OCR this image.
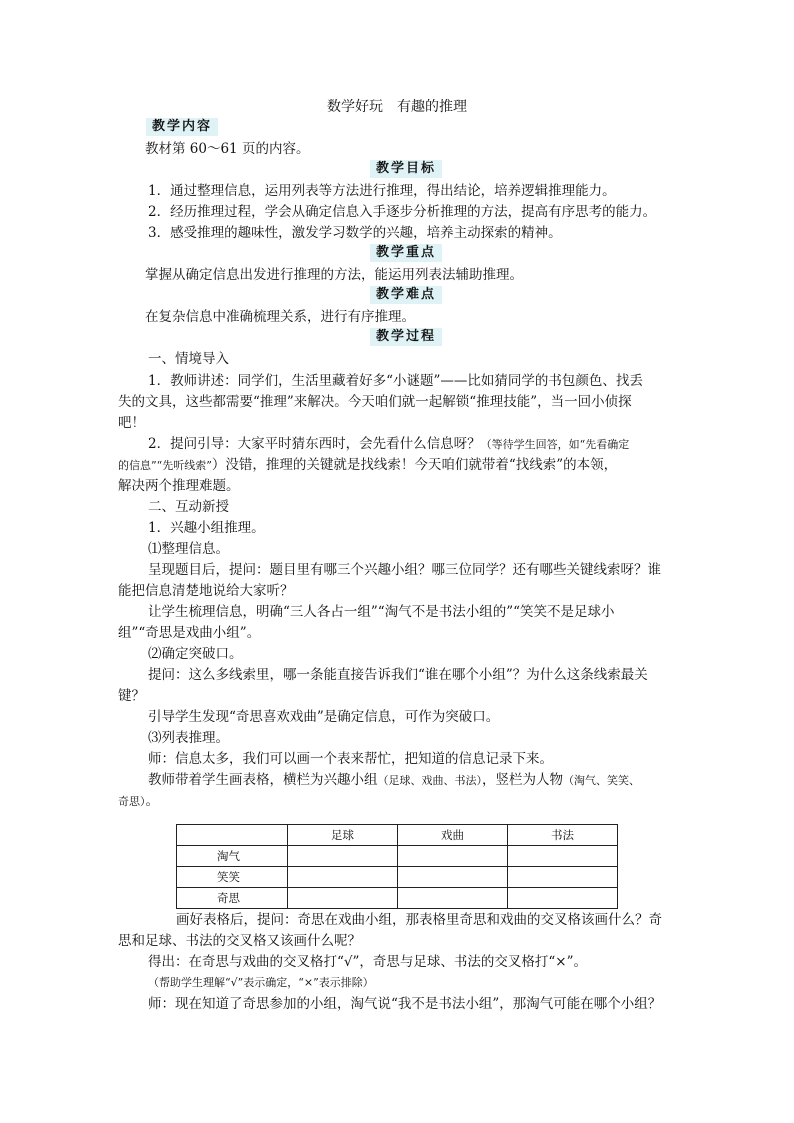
数学好玩　有趣的推理
教学内容
教材第 60～61 页的内容。
教学目标
1．通过整理信息，运用列表等方法进行推理，得出结论，培养逻辑推理能力。
2．经历推理过程，学会从确定信息入手逐步分析推理的方法，提高有序思考的能力。
3．感受推理的趣味性，激发学习数学的兴趣，培养主动探索的精神。
教学重点
掌握从确定信息出发进行推理的方法，能运用列表法辅助推理。
教学难点
在复杂信息中准确梳理关系，进行有序推理。
教学过程
一、情境导入
1．教师讲述：同学们，生活里藏着好多“小谜题”——比如猜同学的书包颜色、找丢
失的文具，这些都需要“推理”来解决。今天咱们就一起解锁“推理技能”，当一回小侦探
吧！
2．提问引导：大家平时猜东西时，会先看什么信息呀？（等待学生回答，如“先看确定
的信息”“先听线索”）没错，推理的关键就是找线索！今天咱们就带着“找线索”的本领，
解决两个推理难题。
二、互动新授
1．兴趣小组推理。
⑴整理信息。
呈现题目后，提问：题目里有哪三个兴趣小组？哪三位同学？还有哪些关键线索呀？谁
能把信息清楚地说给大家听？
让学生梳理信息，明确“三人各占一组”“淘气不是书法小组的”“笑笑不是足球小
组”“奇思是戏曲小组”。
⑵确定突破口。
提问：这么多线索里，哪一条能直接告诉我们“谁在哪个小组”？为什么这条线索最关
键？
引导学生发现“奇思喜欢戏曲”是确定信息，可作为突破口。
⑶列表推理。
师：信息太多，我们可以画一个表来帮忙，把知道的信息记录下来。
教师带着学生画表格，横栏为兴趣小组（足球、戏曲、书法），竖栏为人物（淘气、笑笑、
奇思）。
	足球	戏曲	书法
淘气			
笑笑			
奇思			
画好表格后，提问：奇思在戏曲小组，那表格里奇思和戏曲的交叉格该画什么？奇
思和足球、书法的交叉格又该画什么呢？
得出：在奇思与戏曲的交叉格打“√”，奇思与足球、书法的交叉格打“×”。
（帮助学生理解“√”表示确定，“×”表示排除）
师：现在知道了奇思参加的小组，淘气说“我不是书法小组”，那淘气可能在哪个小组？
